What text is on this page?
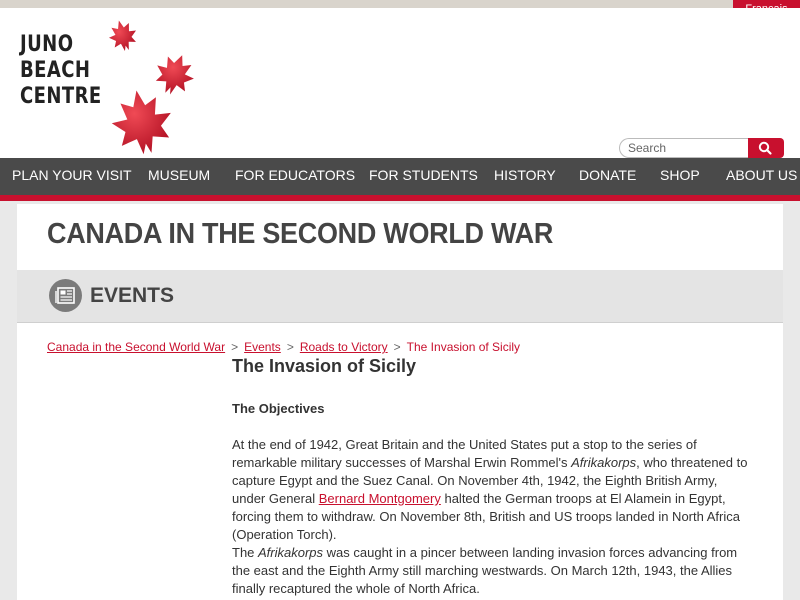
JUNO
BEACH
CENTRE
Search
PLAN YOUR VISIT MUSEUM FOR EDUCATORS FOR STUDENTS HISTORY DONATE SHOP ABOUT US
CANADA IN THE SECOND WORLD WAR
EVENTS
Canada in the Second World War > Events > Roads to Victory > The Invasion of Sicily
The Invasion of Sicily
The Objectives

At the end of 1942, Great Britain and the United States put a stop to the series of remarkable military successes of Marshal Erwin Rommel's Afrikakorps, who threatened to capture Egypt and the Suez Canal. On November 4th, 1942, the Eighth British Army, under General Bernard Montgomery halted the German troops at El Alamein in Egypt, forcing them to withdraw. On November 8th, British and US troops landed in North Africa (Operation Torch).
The Afrikakorps was caught in a pincer between landing invasion forces advancing from the east and the Eighth Army still marching westwards. On March 12th, 1943, the Allies finally recaptured the whole of North Africa.
